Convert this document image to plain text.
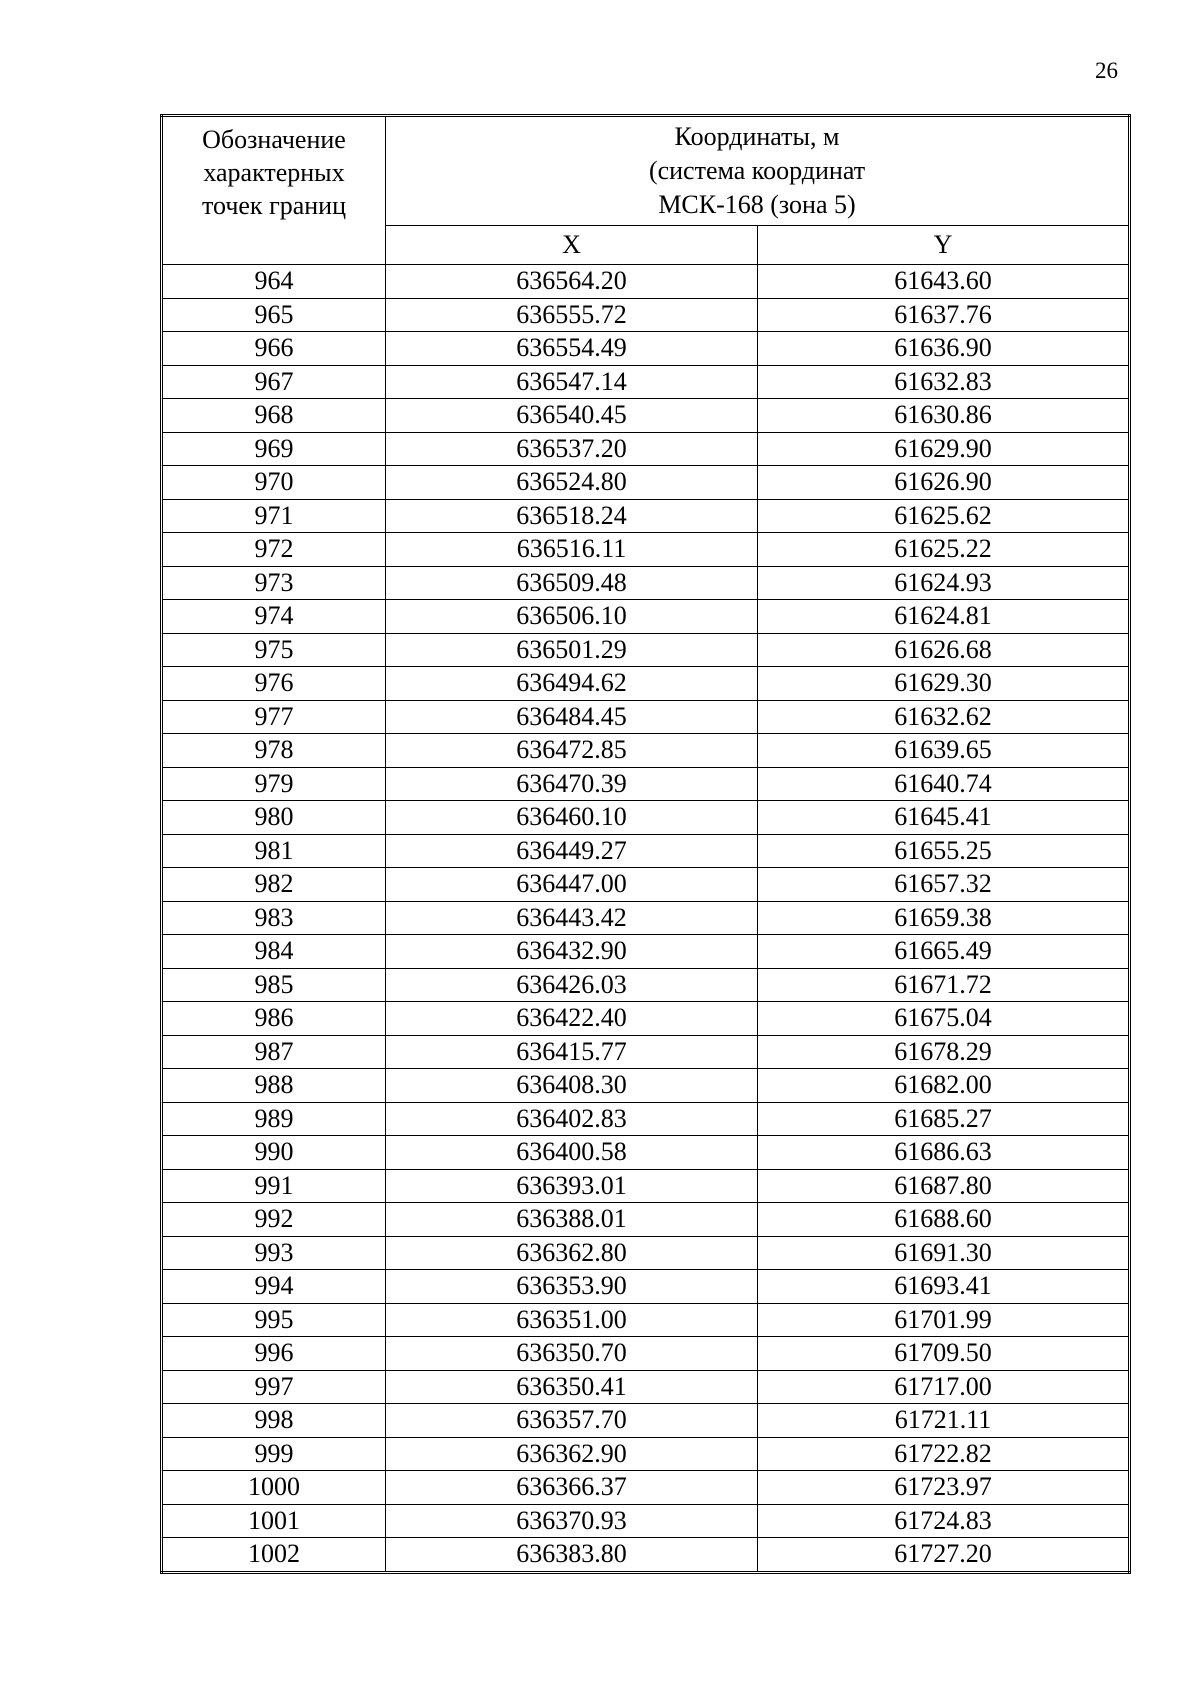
26
Обозначение
характерных
точек границ	Координаты, м
(система координат
МСК-168 (зона 5)	
	X	Y
964	636564.20	61643.60
965	636555.72	61637.76
966	636554.49	61636.90
967	636547.14	61632.83
968	636540.45	61630.86
969	636537.20	61629.90
970	636524.80	61626.90
971	636518.24	61625.62
972	636516.11	61625.22
973	636509.48	61624.93
974	636506.10	61624.81
975	636501.29	61626.68
976	636494.62	61629.30
977	636484.45	61632.62
978	636472.85	61639.65
979	636470.39	61640.74
980	636460.10	61645.41
981	636449.27	61655.25
982	636447.00	61657.32
983	636443.42	61659.38
984	636432.90	61665.49
985	636426.03	61671.72
986	636422.40	61675.04
987	636415.77	61678.29
988	636408.30	61682.00
989	636402.83	61685.27
990	636400.58	61686.63
991	636393.01	61687.80
992	636388.01	61688.60
993	636362.80	61691.30
994	636353.90	61693.41
995	636351.00	61701.99
996	636350.70	61709.50
997	636350.41	61717.00
998	636357.70	61721.11
999	636362.90	61722.82
1000	636366.37	61723.97
1001	636370.93	61724.83
1002	636383.80	61727.20
